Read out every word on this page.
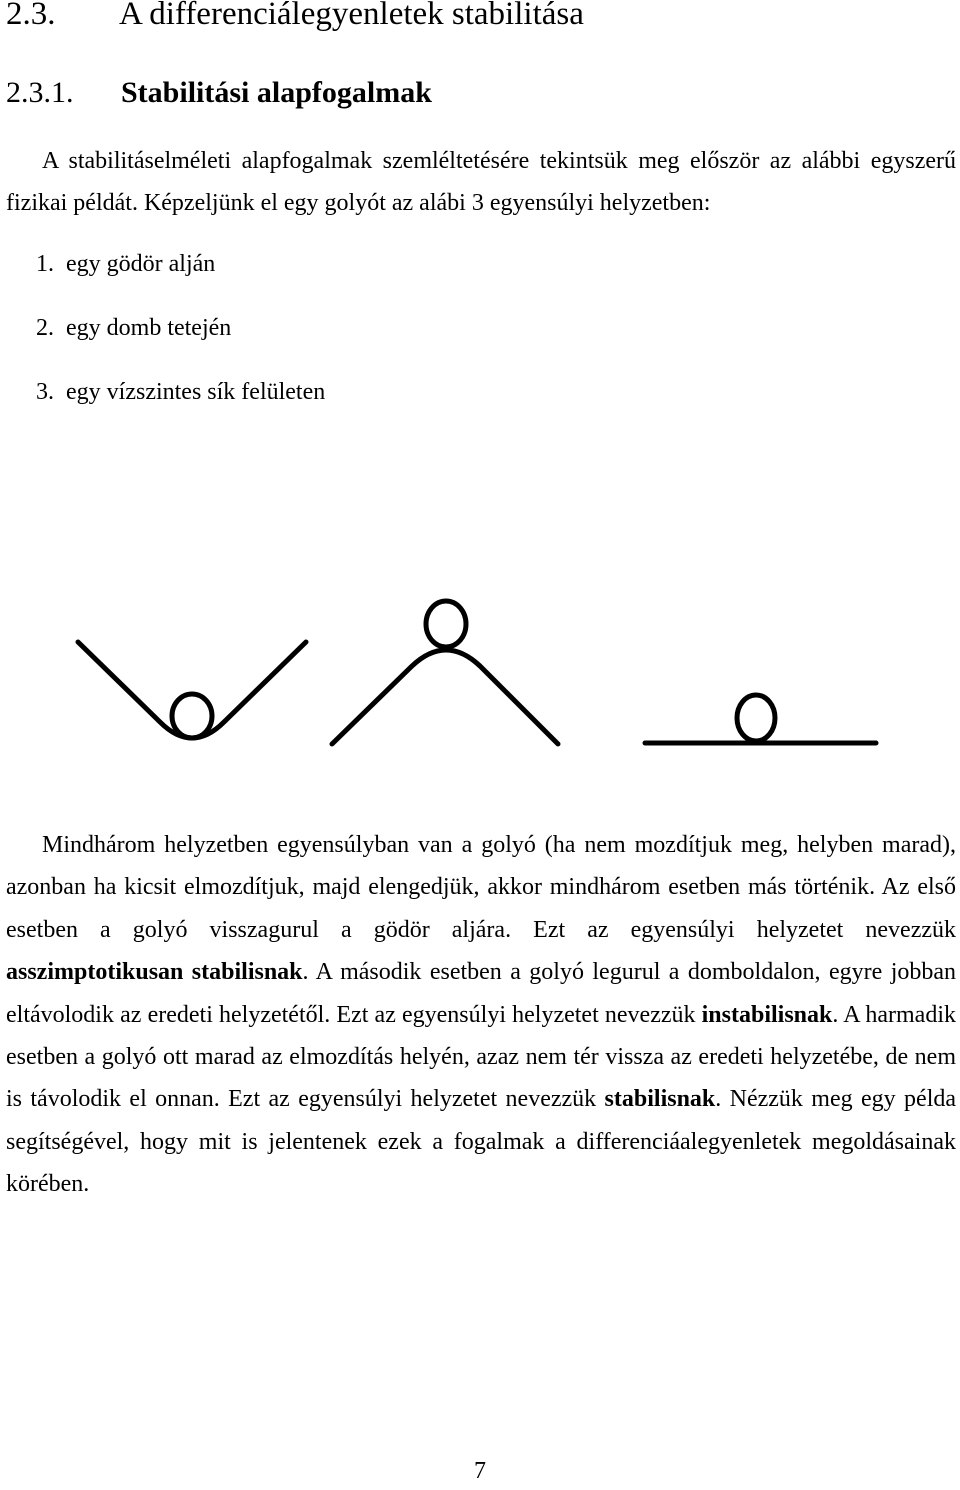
2.3. A differenciálegyenletek stabilitása
2.3.1. Stabilitási alapfogalmak

A stabilitáselméleti alapfogalmak szemléltetésére tekintsük meg először az alábbi egyszerű fizikai példát. Képzeljünk el egy golyót az alábi 3 egyensúlyi helyzetben:

1. egy gödör alján
2. egy domb tetején
3. egy vízszintes sík felületen

Mindhárom helyzetben egyensúlyban van a golyó (ha nem mozdítjuk meg, helyben marad), azonban ha kicsit elmozdítjuk, majd elengedjük, akkor mindhárom esetben más történik. Az első esetben a golyó visszagurul a gödör aljára. Ezt az egyensúlyi helyzetet nevezzük asszimptotikusan stabilisnak. A második esetben a golyó legurul a domboldalon, egyre jobban eltávolodik az eredeti helyzetétől. Ezt az egyensúlyi helyzetet nevezzük instabilisnak. A harmadik esetben a golyó ott marad az elmozdítás helyén, azaz nem tér vissza az eredeti helyzetébe, de nem is távolodik el onnan. Ezt az egyensúlyi helyzetet nevezzük stabilisnak. Nézzük meg egy példa segítségével, hogy mit is jelentenek ezek a fogalmak a differenciáalegyenletek megoldásainak körében.

7
